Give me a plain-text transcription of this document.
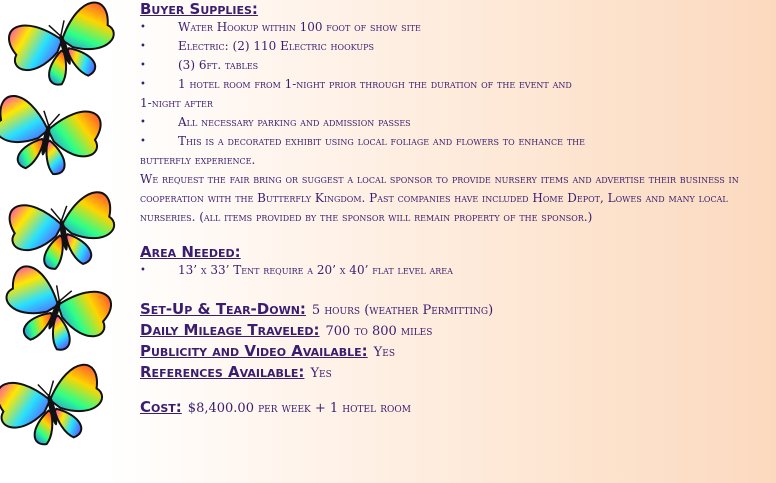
Buyer Supplies:
•	Water Hookup within 100 foot of show site
•	Electric: (2) 110 Electric hookups
•	(3) 6ft. tables
•	1 hotel room from 1-night prior through the duration of the event and
1-night after
•	All necessary parking and admission passes
•	This is a decorated exhibit using local foliage and flowers to enhance the
butterfly experience.
We request the fair bring or suggest a local sponsor to provide nursery items and advertise their business in cooperation with the Butterfly Kingdom. Past companies have included Home Depot, Lowes and many local nurseries. (all items provided by the sponsor will remain property of the sponsor.)
Area Needed:
•	13’ x 33’ Tent require a 20’ x 40’ flat level area
Set-Up & Tear-Down: 5 hours (weather Permitting)
Daily Mileage Traveled: 700 to 800 miles
Publicity and Video Available: Yes
References Available: Yes
Cost: $8,400.00 per week + 1 hotel room
